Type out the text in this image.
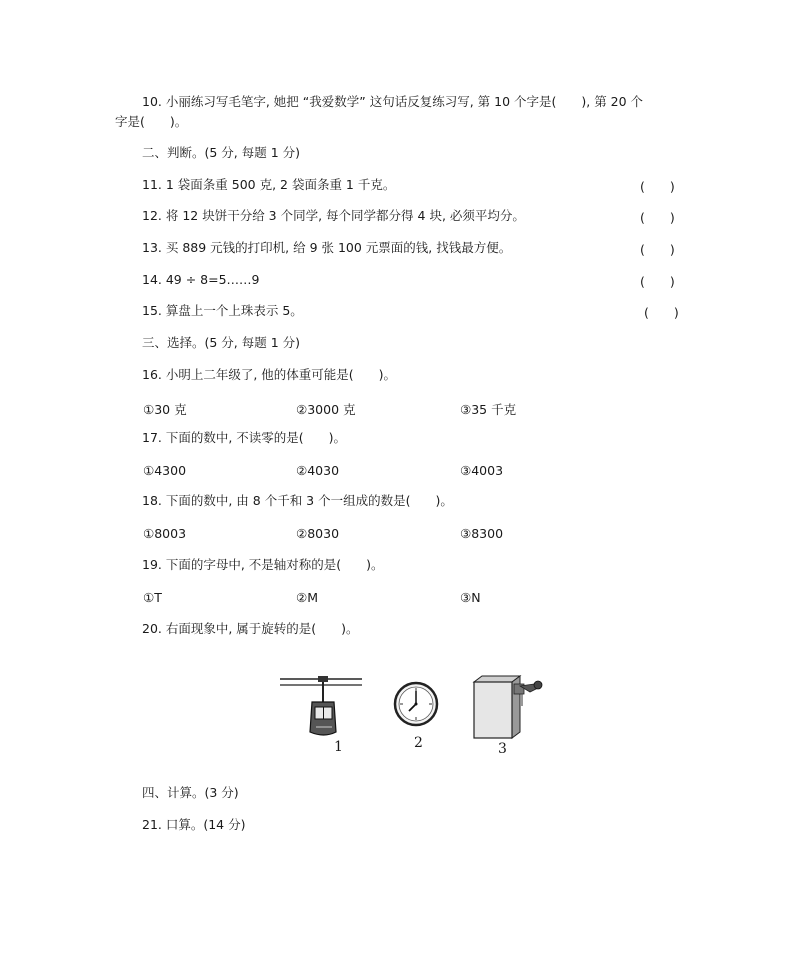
10. 小丽练习写毛笔字, 她把 “我爱数学” 这句话反复练习写, 第 10 个字是(　　), 第 20 个
字是(　　)。
二、判断。(5 分, 每题 1 分)
11. 1 袋面条重 500 克, 2 袋面条重 1 千克。	(　　)
12. 将 12 块饼干分给 3 个同学, 每个同学都分得 4 块, 必须平均分。	(　　)
13. 买 889 元钱的打印机, 给 9 张 100 元票面的钱, 找钱最方便。	(　　)
14. 49 ÷ 8=5……9	(　　)
15. 算盘上一个上珠表示 5。	(　　)
三、选择。(5 分, 每题 1 分)
16. 小明上二年级了, 他的体重可能是(　　)。
①30 克	②3000 克	③35 千克
17. 下面的数中, 不读零的是(　　)。
①4300	②4030	③4003
18. 下面的数中, 由 8 个千和 3 个一组成的数是(　　)。
①8003	②8030	③8300
19. 下面的字母中, 不是轴对称的是(　　)。
①T	②M	③N
20. 右面现象中, 属于旋转的是(　　)。
1	2	3
四、计算。(3 分)
21. 口算。(14 分)
